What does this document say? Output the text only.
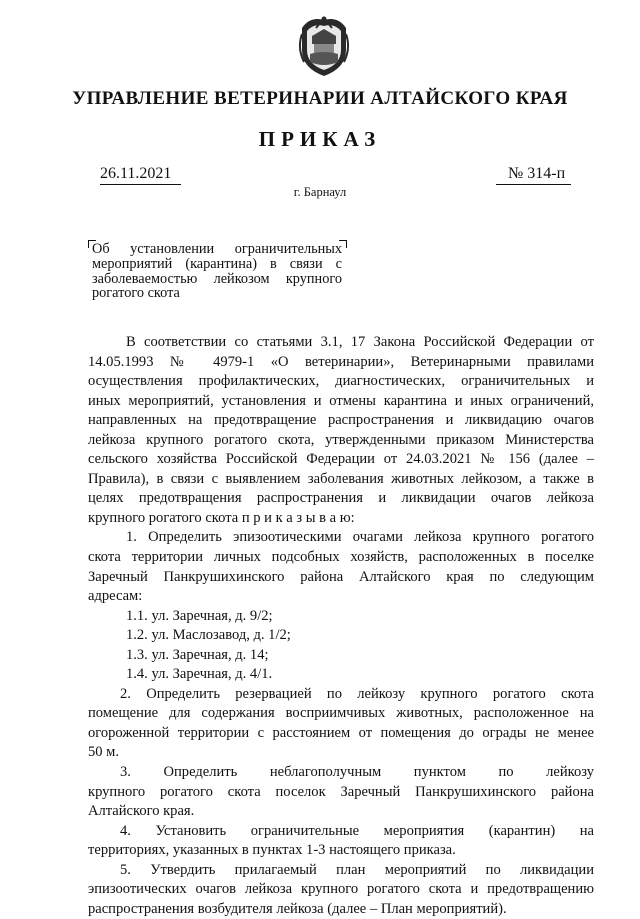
УПРАВЛЕНИЕ ВЕТЕРИНАРИИ АЛТАЙСКОГО КРАЯ
ПРИКАЗ
26.11.2021	№ 314-п
г. Барнаул
Об установлении ограничительных
мероприятий (карантина) в связи с
заболеваемостью лейкозом крупного
рогатого скота
В соответствии со статьями 3.1, 17 Закона Российской Федерации от
14.05.1993 № 4979-1 «О ветеринарии», Ветеринарными правилами
осуществления профилактических, диагностических, ограничительных и
иных мероприятий, установления и отмены карантина и иных ограничений,
направленных на предотвращение распространения и ликвидацию очагов
лейкоза крупного рогатого скота, утвержденными приказом Министерства
сельского хозяйства Российской Федерации от 24.03.2021 № 156 (далее –
Правила), в связи с выявлением заболевания животных лейкозом, а также в
целях предотвращения распространения и ликвидации очагов лейкоза
крупного рогатого скота п р и к а з ы в а ю:
1. Определить эпизоотическими очагами лейкоза крупного рогатого
скота территории личных подсобных хозяйств, расположенных в поселке
Заречный Панкрушихинского района Алтайского края по следующим
адресам:
1.1. ул. Заречная, д. 9/2;
1.2. ул. Маслозавод, д. 1/2;
1.3. ул. Заречная, д. 14;
1.4. ул. Заречная, д. 4/1.
2. Определить резервацией по лейкозу крупного рогатого скота
помещение для содержания восприимчивых животных, расположенное на
огороженной территории с расстоянием от помещения до ограды не менее
50 м.
3. Определить неблагополучным пунктом по лейкозу
крупного рогатого скота поселок Заречный Панкрушихинского района
Алтайского края.
4. Установить ограничительные мероприятия (карантин) на
территориях, указанных в пунктах 1-3 настоящего приказа.
5. Утвердить прилагаемый план мероприятий по ликвидации
эпизоотических очагов лейкоза крупного рогатого скота и предотвращению
распространения возбудителя лейкоза (далее – План мероприятий).
